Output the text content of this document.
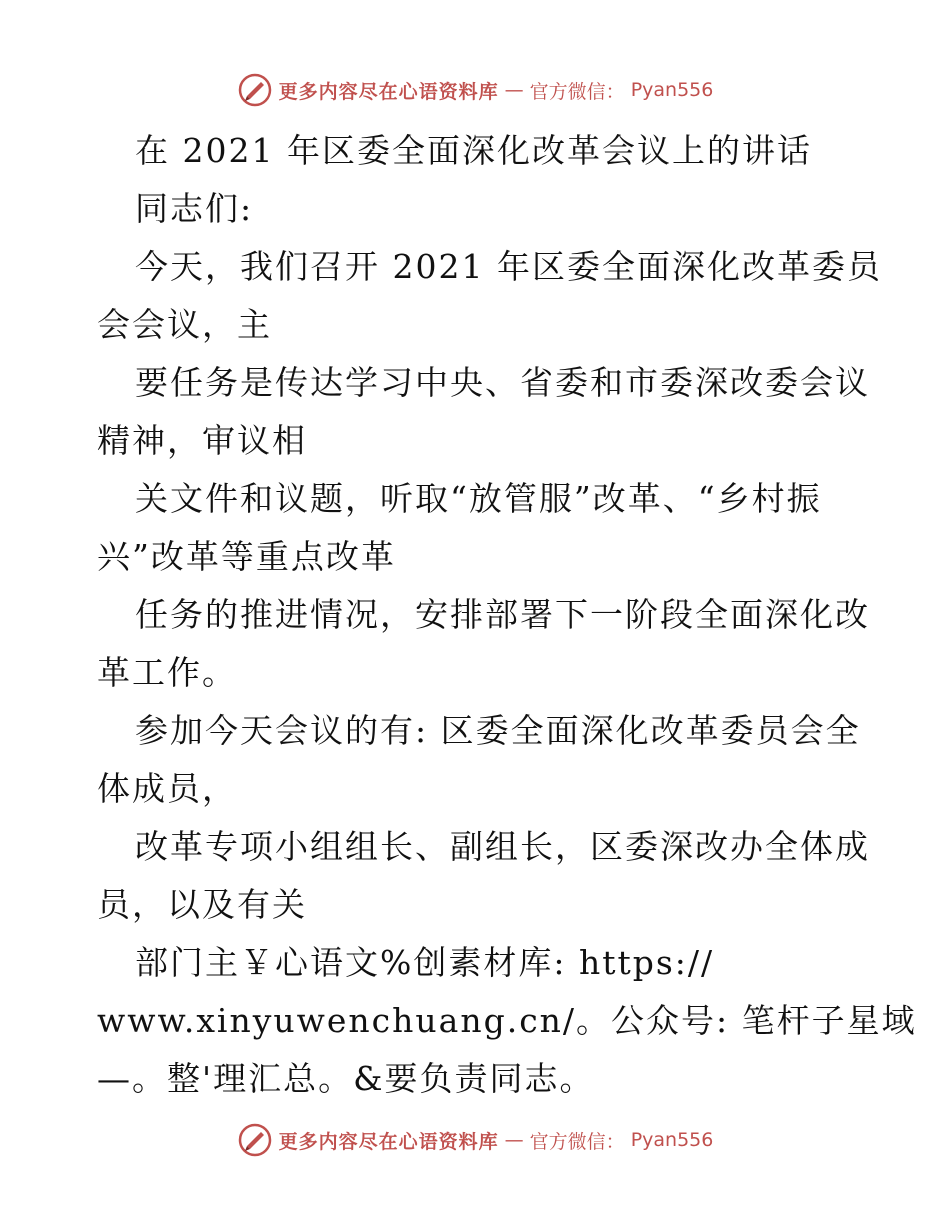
更多内容尽在心语资料库 — 官方微信： Pyan556
在 2021 年区委全面深化改革会议上的讲话
同志们:
今天，我们召开 2021 年区委全面深化改革委员
会会议，主
要任务是传达学习中央、省委和市委深改委会议
精神，审议相
关文件和议题，听取“放管服”改革、“乡村振
兴”改革等重点改革
任务的推进情况，安排部署下一阶段全面深化改
革工作。
参加今天会议的有: 区委全面深化改革委员会全
体成员，
改革专项小组组长、副组长，区委深改办全体成
员，以及有关
部门主￥心语文%创素材库: https://
www.xinyuwenchuang.cn/。公众号: 笔杆子星域
—。整'理汇总。&要负责同志。
更多内容尽在心语资料库 — 官方微信： Pyan556
